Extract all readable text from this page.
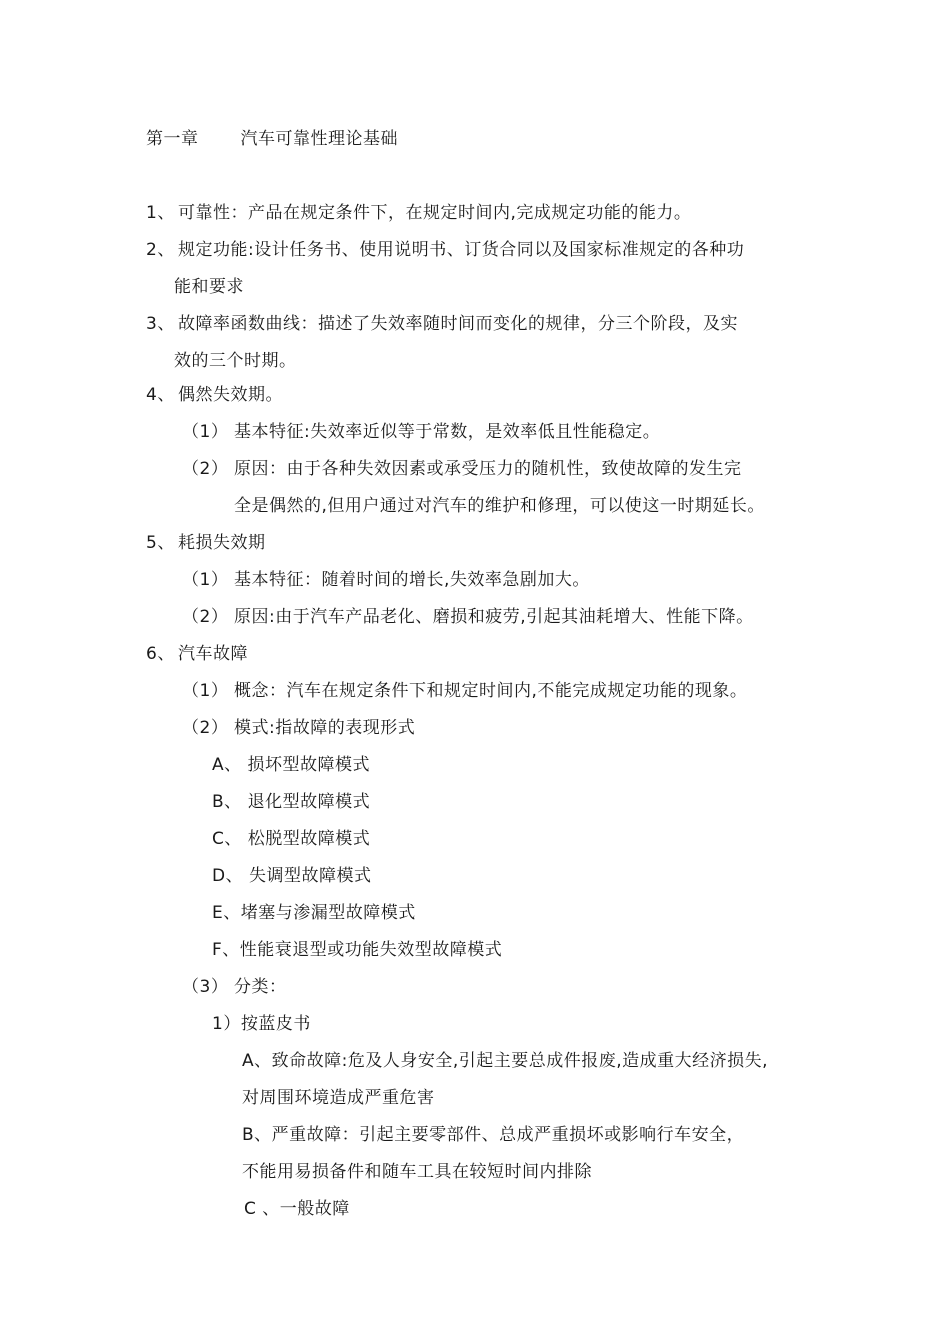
第一章 汽车可靠性理论基础
1、 可靠性：产品在规定条件下，在规定时间内,完成规定功能的能力。
2、 规定功能:设计任务书、使用说明书、订货合同以及国家标准规定的各种功
能和要求
3、 故障率函数曲线：描述了失效率随时间而变化的规律，分三个阶段，及实
效的三个时期。
4、 偶然失效期。
（1） 基本特征:失效率近似等于常数，是效率低且性能稳定。
（2） 原因：由于各种失效因素或承受压力的随机性，致使故障的发生完
全是偶然的,但用户通过对汽车的维护和修理，可以使这一时期延长。
5、 耗损失效期
（1） 基本特征：随着时间的增长,失效率急剧加大。
（2） 原因:由于汽车产品老化、磨损和疲劳,引起其油耗增大、性能下降。
6、 汽车故障
（1） 概念：汽车在规定条件下和规定时间内,不能完成规定功能的现象。
（2） 模式:指故障的表现形式
A、 损坏型故障模式
B、 退化型故障模式
C、 松脱型故障模式
D、 失调型故障模式
E、堵塞与渗漏型故障模式
F、性能衰退型或功能失效型故障模式
（3） 分类：
1）按蓝皮书
A、致命故障:危及人身安全,引起主要总成件报废,造成重大经济损失,
对周围环境造成严重危害
B、严重故障：引起主要零部件、总成严重损坏或影响行车安全，
不能用易损备件和随车工具在较短时间内排除
C 、一般故障
